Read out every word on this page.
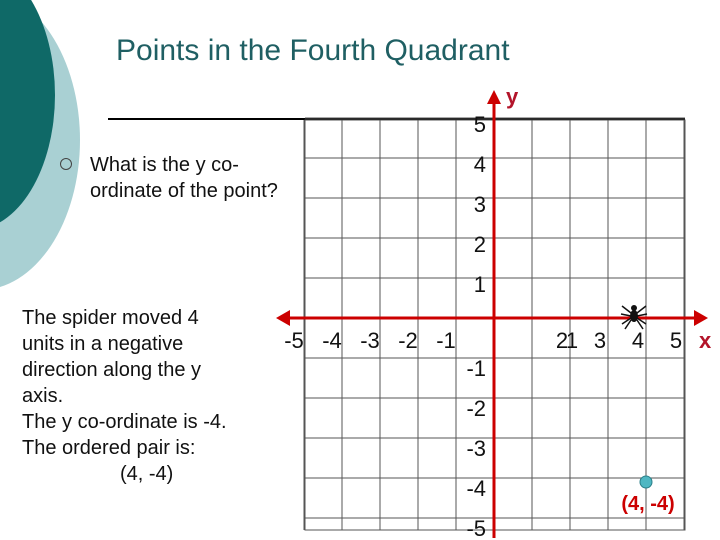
Points in the Fourth Quadrant
What is the y co-ordinate of the point?
The spider moved 4
units in a negative
direction along the y
axis.
The y co-ordinate is -4.
The ordered pair is:
(4, -4)
y
x
-5 -4 -3 -2 -1	1
2 3 4 5
5
4
3
2
1
-1
-2
-3
-4
-5
(4, -4)
